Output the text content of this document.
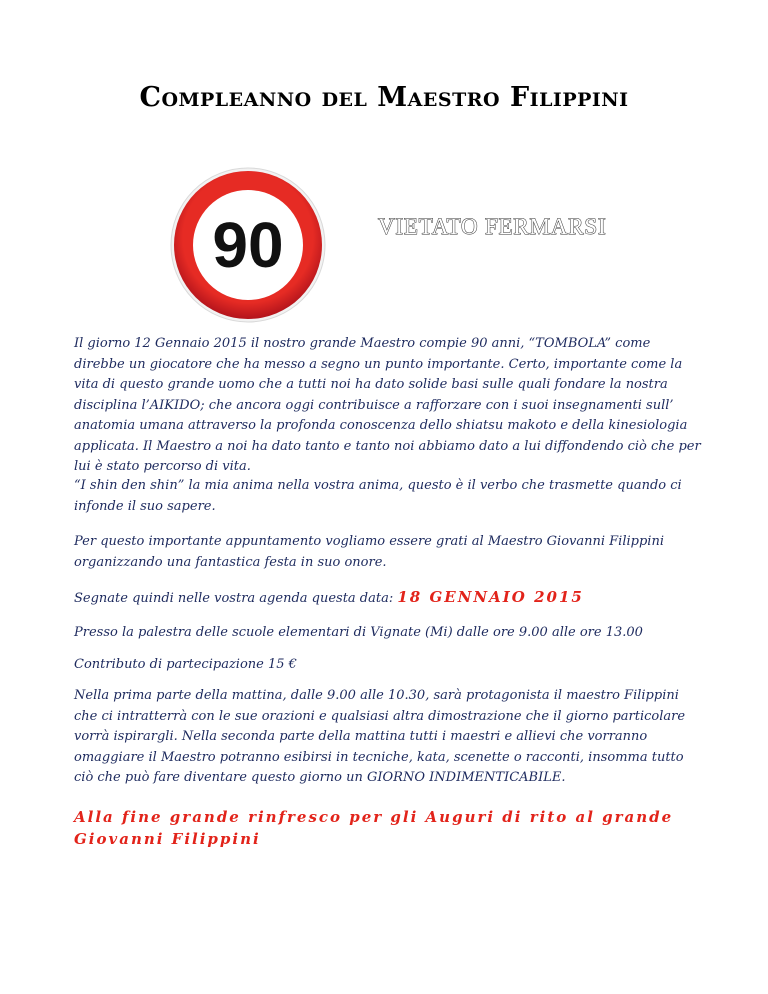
Compleanno del Maestro Filippini
90	VIETATO FERMARSI

Il giorno 12 Gennaio 2015 il nostro grande Maestro compie 90 anni, “TOMBOLA” come direbbe un giocatore che ha messo a segno un punto importante. Certo, importante come la vita di questo grande uomo che a tutti noi ha dato solide basi sulle quali fondare la nostra disciplina l’AIKIDO; che ancora oggi contribuisce a rafforzare con i suoi insegnamenti sull’ anatomia umana attraverso la profonda conoscenza dello shiatsu makoto e della kinesiologia applicata. Il Maestro a noi ha dato tanto e tanto noi abbiamo dato a lui diffondendo ciò che per lui è stato percorso di vita.

“I shin den shin” la mia anima nella vostra anima, questo è il verbo che trasmette quando ci infonde il suo sapere.

Per questo importante appuntamento vogliamo essere grati al Maestro Giovanni Filippini organizzando una fantastica festa in suo onore.

Segnate quindi nelle vostra agenda questa data: 18 GENNAIO 2015

Presso la palestra delle scuole elementari di Vignate (Mi) dalle ore 9.00 alle ore 13.00

Contributo di partecipazione 15 €

Nella prima parte della mattina, dalle 9.00 alle 10.30, sarà protagonista il maestro Filippini che ci intratterrà con le sue orazioni e qualsiasi altra dimostrazione che il giorno particolare vorrà ispirargli. Nella seconda parte della mattina tutti i maestri e allievi che vorranno omaggiare il Maestro potranno esibirsi in tecniche, kata, scenette o racconti, insomma tutto ciò che può fare diventare questo giorno un GIORNO INDIMENTICABILE.

Alla fine grande rinfresco per gli Auguri di rito al grande Giovanni Filippini
